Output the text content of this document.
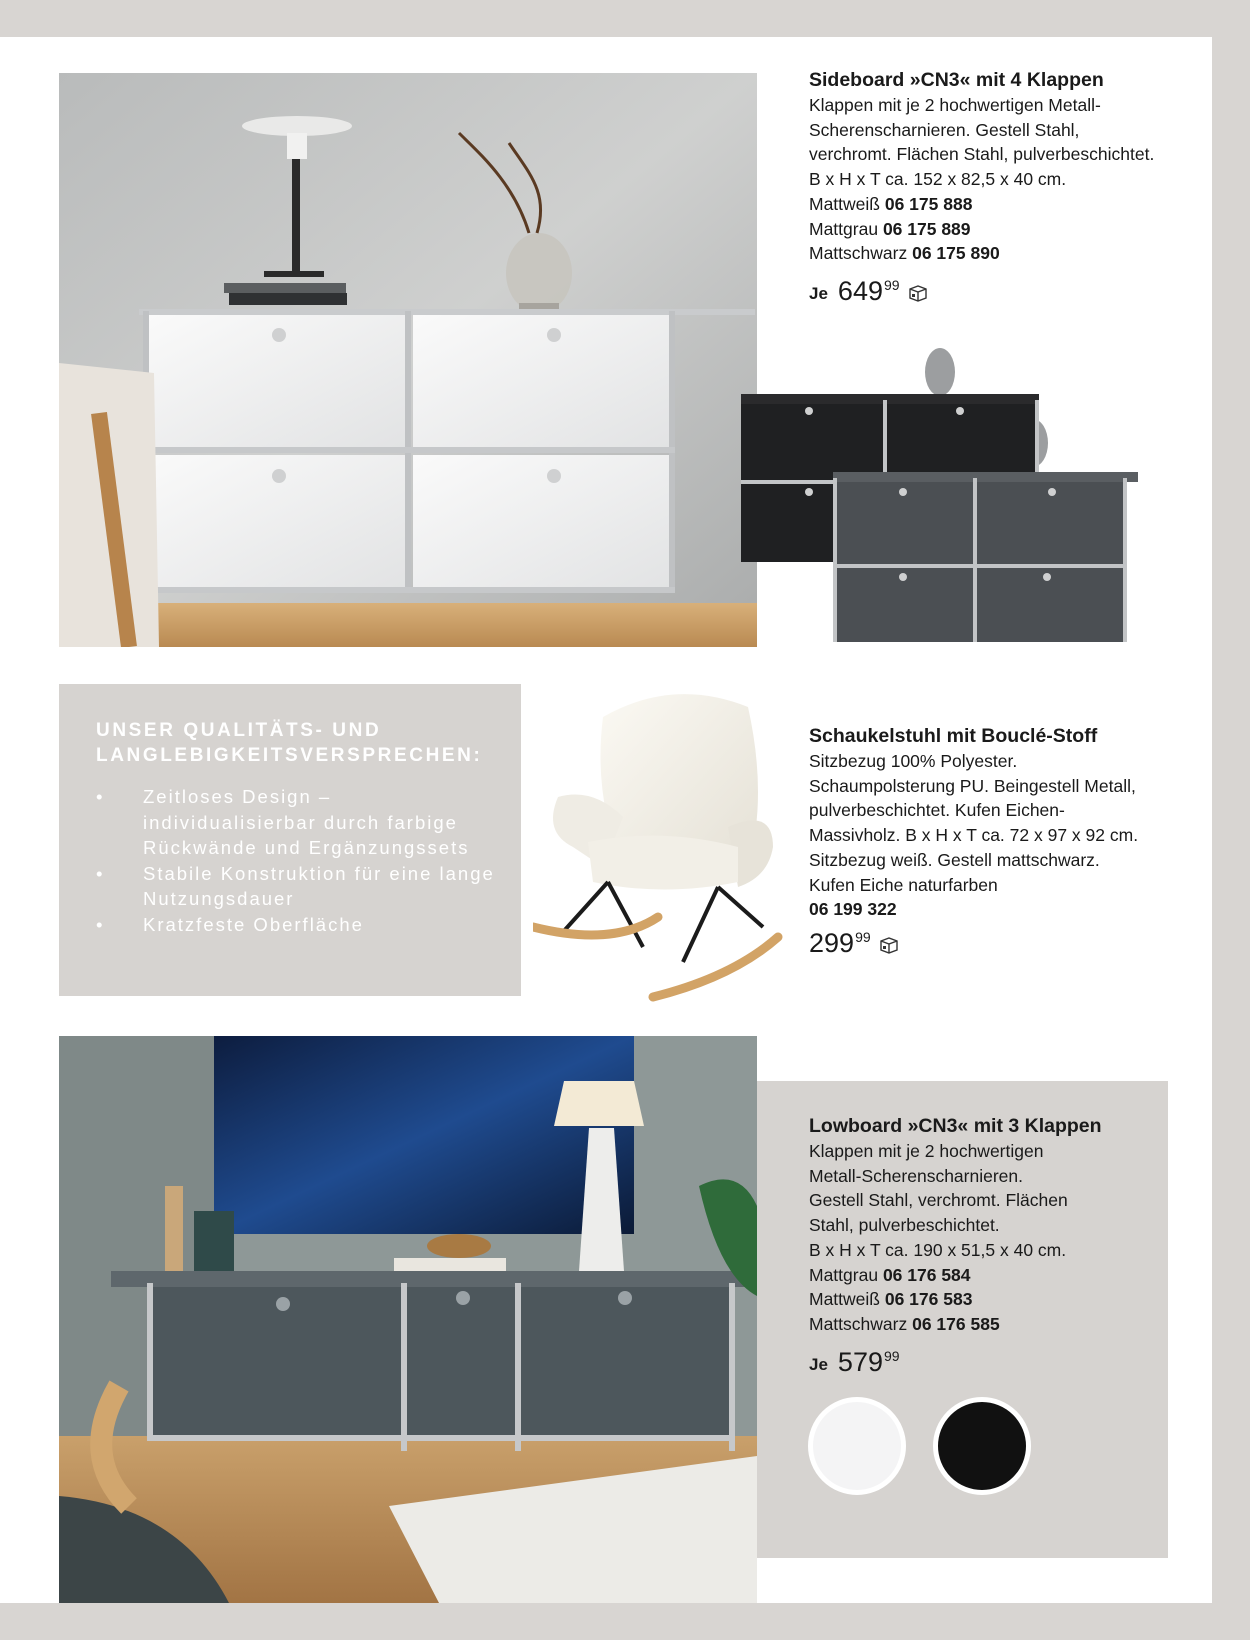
Sideboard »CN3« mit 4 Klappen

Klappen mit je 2 hochwertigen Metall-

Scherenscharnieren. Gestell Stahl,

verchromt. Flächen Stahl, pulverbeschichtet.

B x H x T ca. 152 x 82,5 x 40 cm.

Mattweiß 06 175 888

Mattgrau 06 175 889

Mattschwarz 06 175 890

Je 649 99

UNSER QUALITÄTS- UND
LANGLEBIGKEITSVERSPRECHEN:

• Zeitloses Design – individualisierbar durch farbige Rückwände und Ergänzungssets
• Stabile Konstruktion für eine lange Nutzungsdauer
• Kratzfeste Oberfläche

Schaukelstuhl mit Bouclé-Stoff

Sitzbezug 100% Polyester.

Schaumpolsterung PU. Beingestell Metall,

pulverbeschichtet. Kufen Eichen-

Massivholz. B x H x T ca. 72 x 97 x 92 cm.

Sitzbezug weiß. Gestell mattschwarz.

Kufen Eiche naturfarben

06 199 322

299 99

Lowboard »CN3« mit 3 Klappen

Klappen mit je 2 hochwertigen

Metall-Scherenscharnieren.

Gestell Stahl, verchromt. Flächen

Stahl, pulverbeschichtet.

B x H x T ca. 190 x 51,5 x 40 cm.

Mattgrau 06 176 584

Mattweiß 06 176 583

Mattschwarz 06 176 585

Je 579 99
